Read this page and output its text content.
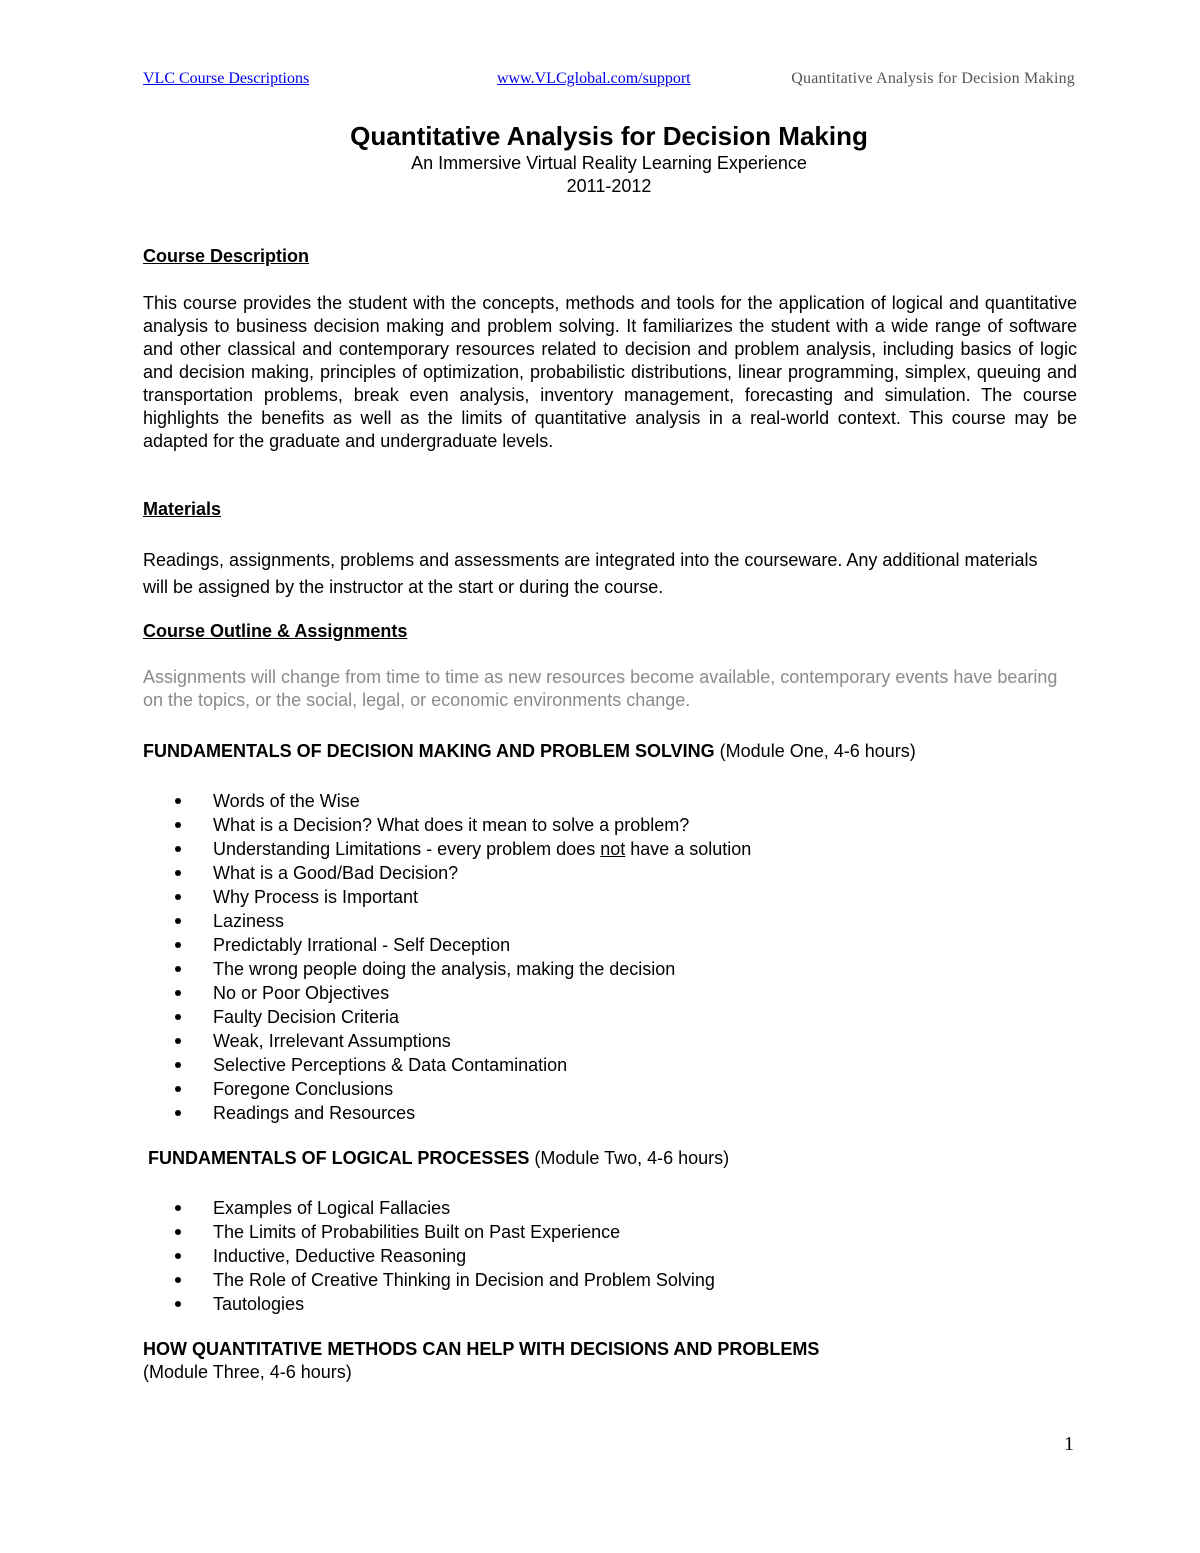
VLC Course Descriptions	www.VLCglobal.com/support	Quantitative Analysis for Decision Making
Quantitative Analysis for Decision Making
An Immersive Virtual Reality Learning Experience
2011-2012
Course Description
This course provides the student with the concepts, methods and tools for the application of logical and quantitative analysis to business decision making and problem solving. It familiarizes the student with a wide range of software and other classical and contemporary resources related to decision and problem analysis, including basics of logic and decision making, principles of optimization, probabilistic distributions, linear programming, simplex, queuing and transportation problems, break even analysis, inventory management, forecasting and simulation. The course highlights the benefits as well as the limits of quantitative analysis in a real-world context. This course may be adapted for the graduate and undergraduate levels.
Materials
Readings, assignments, problems and assessments are integrated into the courseware. Any additional materials will be assigned by the instructor at the start or during the course.
Course Outline & Assignments
Assignments will change from time to time as new resources become available, contemporary events have bearing on the topics, or the social, legal, or economic environments change.
FUNDAMENTALS OF DECISION MAKING AND PROBLEM SOLVING (Module One, 4-6 hours)
Words of the Wise
What is a Decision? What does it mean to solve a problem?
Understanding Limitations - every problem does not have a solution
What is a Good/Bad Decision?
Why Process is Important
Laziness
Predictably Irrational - Self Deception
The wrong people doing the analysis, making the decision
No or Poor Objectives
Faulty Decision Criteria
Weak, Irrelevant Assumptions
Selective Perceptions & Data Contamination
Foregone Conclusions
Readings and Resources
FUNDAMENTALS OF LOGICAL PROCESSES (Module Two, 4-6 hours)
Examples of Logical Fallacies
The Limits of Probabilities Built on Past Experience
Inductive, Deductive Reasoning
The Role of Creative Thinking in Decision and Problem Solving
Tautologies
HOW QUANTITATIVE METHODS CAN HELP WITH DECISIONS AND PROBLEMS
(Module Three, 4-6 hours)
1
